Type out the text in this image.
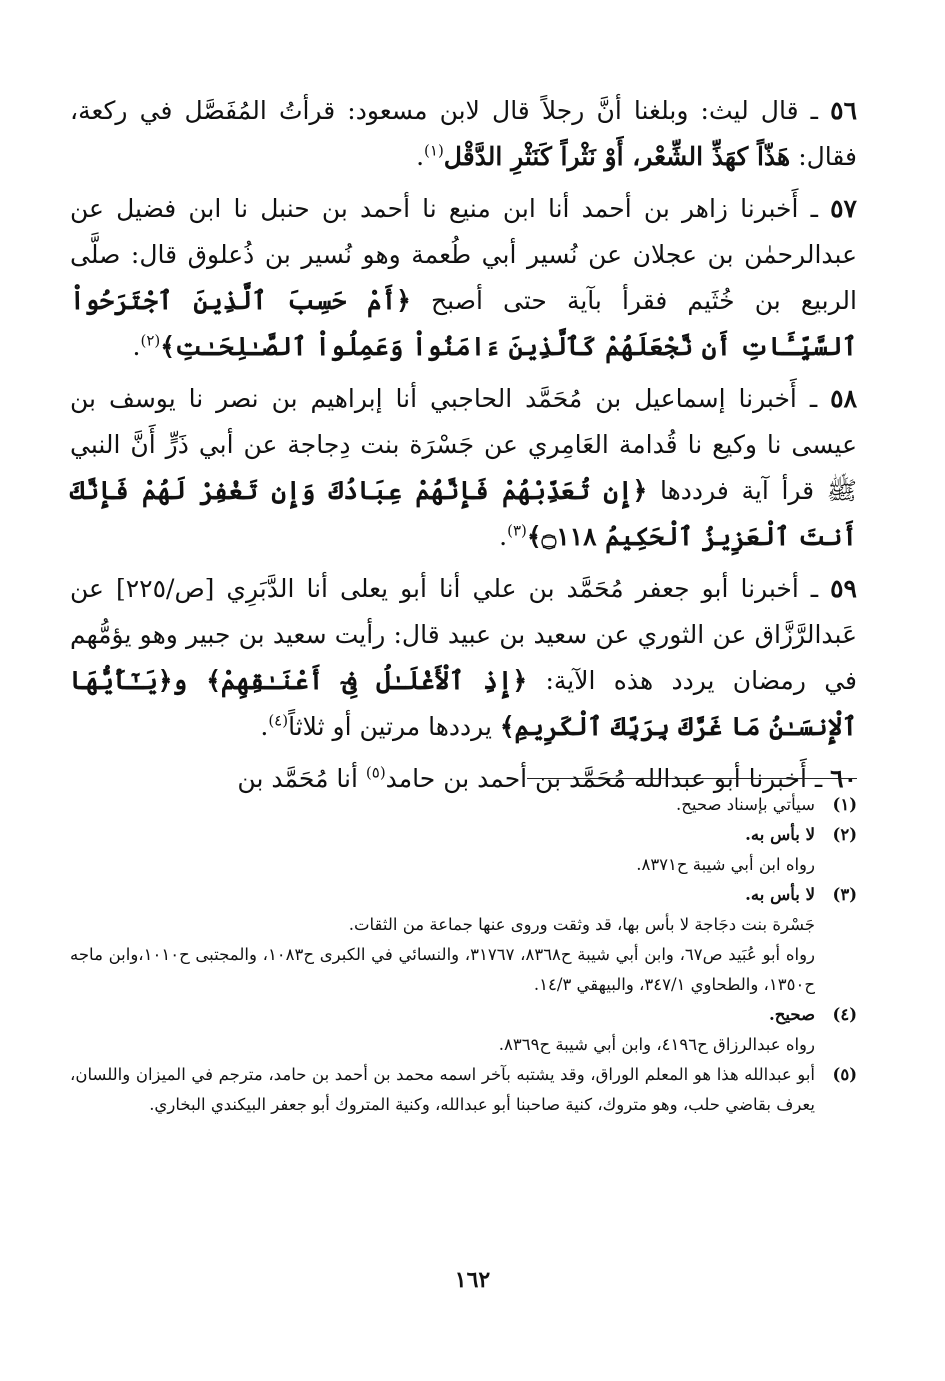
٥٦ ـ قال ليث: وبلغنا أنَّ رجلاً قال لابن مسعود: قرأتُ المُفَصَّل في ركعة، فقال: هَذّاً كهَذِّ الشِّعْر، أَوْ نَثْراً كَنَثْرِ الدَّقْل$^{(١)}$.

٥٧ ـ أَخبرنا زاهر بن أحمد أنا ابن منيع نا أحمد بن حنبل نا ابن فضيل عن عبدالرحمٰن بن عجلان عن نُسير أبي طُعمة وهو نُسير بن ذُعلوق قال: صلَّى الربيع بن خُثَيم فقرأ بآية حتى أصبح ﴿أَمْ حَسِبَ ٱلَّذِينَ ٱجْتَرَحُواْ ٱلسَّيِّـَٔاتِ أَن نَّجْعَلَهُمْ كَٱلَّذِينَ ءَامَنُواْ وَعَمِلُواْ ٱلصَّـٰلِحَـٰتِ﴾$^{(٢)}$.

٥٨ ـ أَخبرنا إسماعيل بن مُحَمَّد الحاجبي أنا إبراهيم بن نصر نا يوسف بن عيسى نا وكيع نا قُدامة العَامِري عن جَسْرَة بنت دِجاجة عن أبي ذَرٍّ أَنَّ النبي ﷺ قرأ آية فرددها ﴿إِن تُعَذِّبْهُمْ فَإِنَّهُمْ عِبَادُكَ وَإِن تَغْفِرْ لَهُمْ فَإِنَّكَ أَنتَ ٱلْعَزِيزُ ٱلْحَكِيمُ ۝١١٨﴾$^{(٣)}$.

٥٩ ـ أخبرنا أبو جعفر مُحَمَّد بن علي أنا أبو يعلى أنا الدَّبَرِي [ص/٢٢٥] عن عَبدالرَّزَّاق عن الثوري عن سعيد بن عبيد قال: رأيت سعيد بن جبير وهو يؤمُّهم في رمضان يردد هذه الآية: ﴿إِذِ ٱلْأَغْلَـٰلُ فِىٓ أَعْنَـٰقِهِمْ﴾ و﴿يَـٰٓأَيُّهَا ٱلْإِنسَـٰنُ مَا غَرَّكَ بِرَبِّكَ ٱلْكَرِيمِ﴾ يرددها مرتين أو ثلاثاً$^{(٤)}$.

٦٠ ـ أَخبرنا أبو عبدالله مُحَمَّد بن أحمد بن حامد$^{(٥)}$ أنا مُحَمَّد بن

(١)
سيأتي بإسناد صحيح.
(٢)
لا بأس به.
رواه ابن أبي شيبة ح٨٣٧١.
(٣)
لا بأس به.
جَسْرة بنت دجَاجة لا بأس بها، قد وثقت وروى عنها جماعة من الثقات.
رواه أبو عُبَيد ص٦٧، وابن أبي شيبة ح٨٣٦٨، ٣١٧٦٧، والنسائي في الكبرى ح١٠٨٣، والمجتبى ح١٠١٠،وابن ماجه ح١٣٥٠، والطحاوي ٣٤٧/١، والبيهقي ١٤/٣.
(٤)
صحيح.
رواه عبدالرزاق ح٤١٩٦، وابن أبي شيبة ح٨٣٦٩.
(٥)
أبو عبدالله هذا هو المعلم الوراق، وقد يشتبه بآخر اسمه محمد بن أحمد بن حامد، مترجم في الميزان واللسان، يعرف بقاضي حلب، وهو متروك، كنية صاحبنا أبو عبدالله، وكنية المتروك أبو جعفر البيكندي البخاري.
١٦٢
